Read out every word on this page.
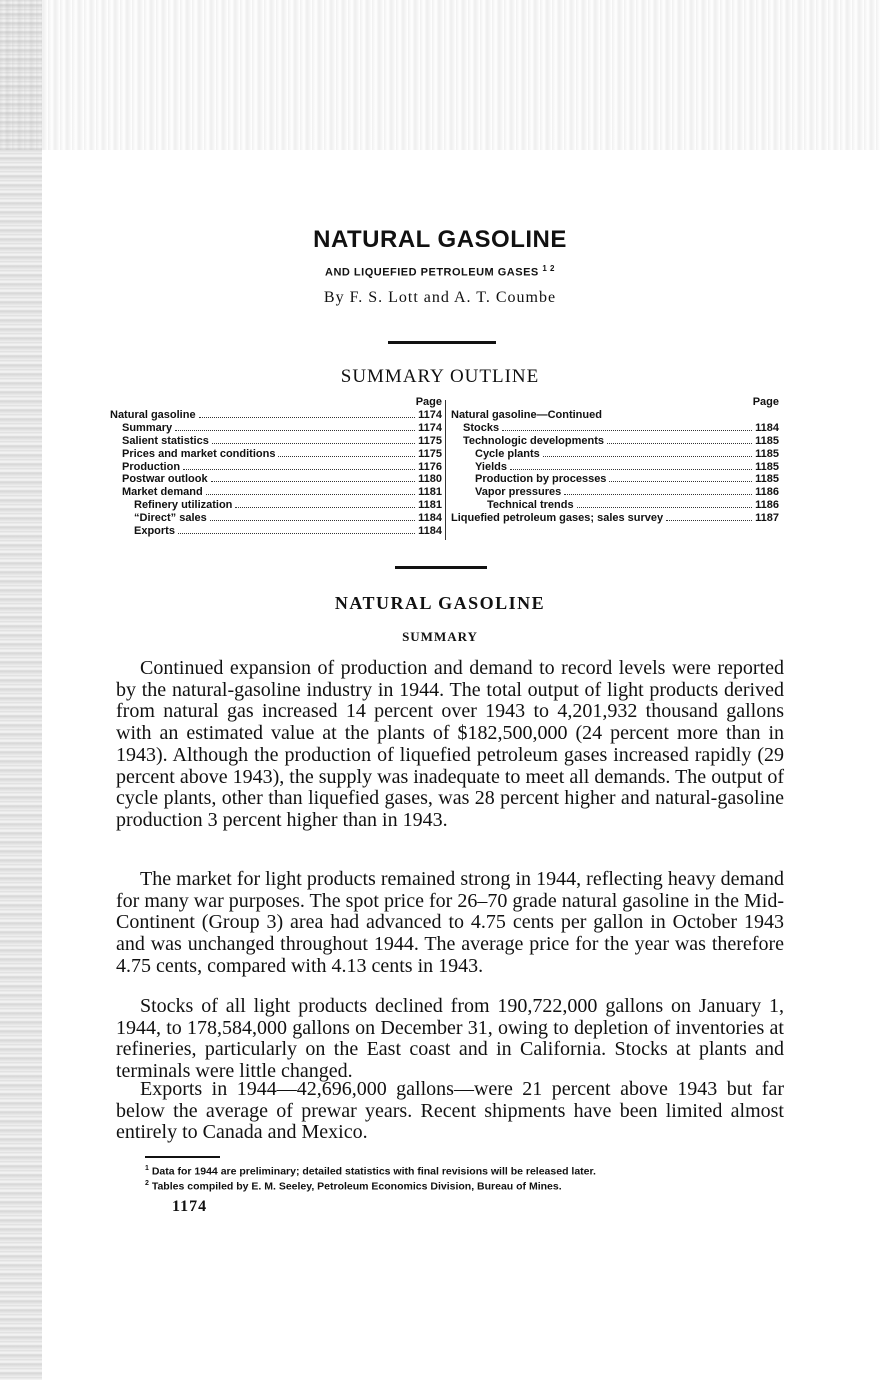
NATURAL GASOLINE
AND LIQUEFIED PETROLEUM GASES $^{1 2}$
By F. S. Lott and A. T. Coumbe
SUMMARY OUTLINE
Page
Natural gasoline	1174
Summary	1174
Salient statistics	1175
Prices and market conditions	1175
Production	1176
Postwar outlook	1180
Market demand	1181
Refinery utilization	1181
“Direct” sales	1184
Exports	1184
Page
Natural gasoline—Continued
Stocks	1184
Technologic developments	1185
Cycle plants	1185
Yields	1185
Production by processes	1185
Vapor pressures	1186
Technical trends	1186
Liquefied petroleum gases; sales survey	1187
NATURAL GASOLINE
SUMMARY

Continued expansion of production and demand to record levels were reported by the natural-gasoline industry in 1944. The total output of light products derived from natural gas increased 14 percent over 1943 to 4,201,932 thousand gallons with an estimated value at the plants of $182,500,000 (24 percent more than in 1943). Although the production of liquefied petroleum gases increased rapidly (29 percent above 1943), the supply was inadequate to meet all demands. The output of cycle plants, other than liquefied gases, was 28 percent higher and natural-gasoline production 3 percent higher than in 1943.

The market for light products remained strong in 1944, reflecting heavy demand for many war purposes. The spot price for 26–70 grade natural gasoline in the Mid-Continent (Group 3) area had advanced to 4.75 cents per gallon in October 1943 and was unchanged throughout 1944. The average price for the year was therefore 4.75 cents, compared with 4.13 cents in 1943.

Stocks of all light products declined from 190,722,000 gallons on January 1, 1944, to 178,584,000 gallons on December 31, owing to depletion of inventories at refineries, particularly on the East coast and in California. Stocks at plants and terminals were little changed.

Exports in 1944—42,696,000 gallons—were 21 percent above 1943 but far below the average of prewar years. Recent shipments have been limited almost entirely to Canada and Mexico.

$^1$ Data for 1944 are preliminary; detailed statistics with final revisions will be released later.
$^2$ Tables compiled by E. M. Seeley, Petroleum Economics Division, Bureau of Mines.
1174
